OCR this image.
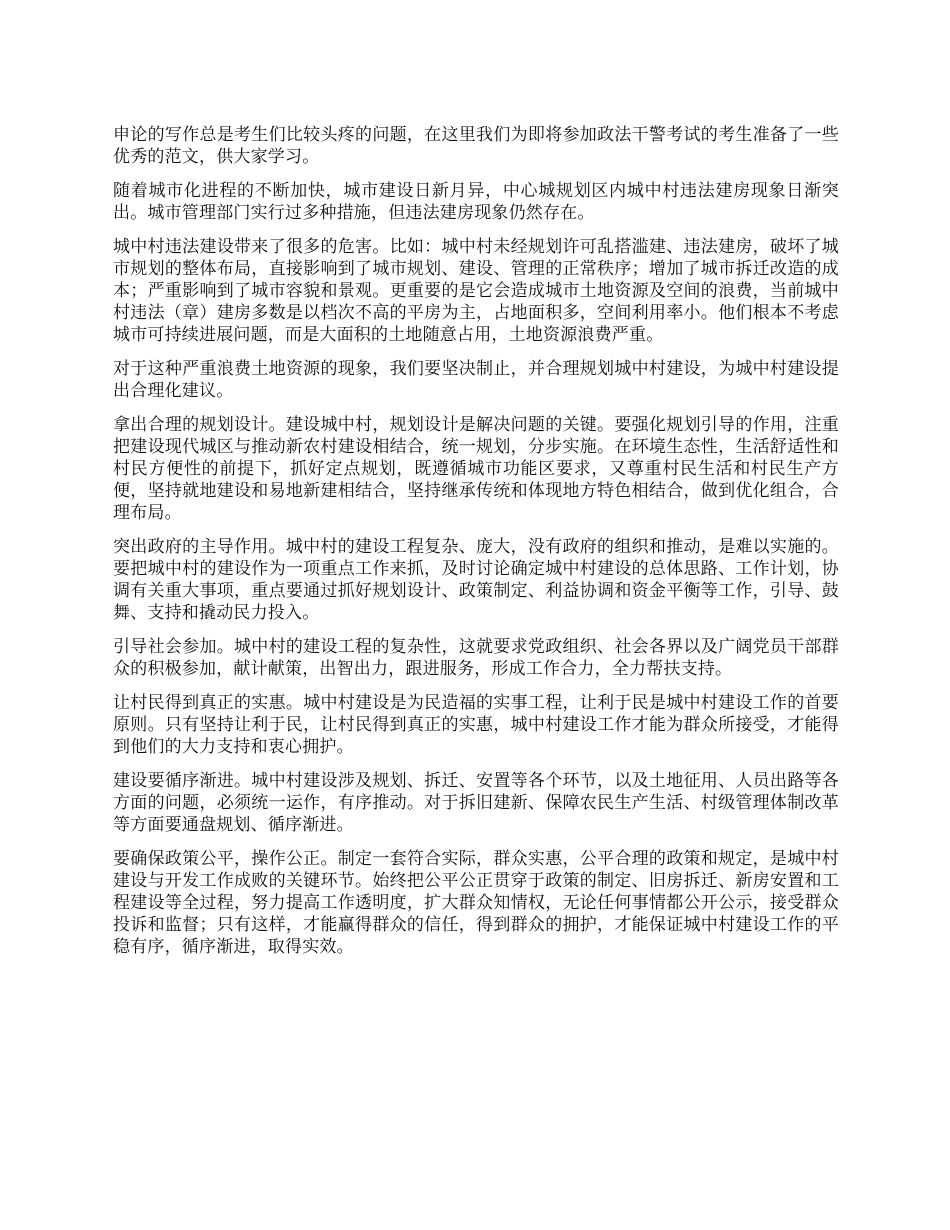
申论的写作总是考生们比较头疼的问题，在这里我们为即将参加政法干警考试的考生准备了一些优秀的范文，供大家学习。

随着城市化进程的不断加快，城市建设日新月异，中心城规划区内城中村违法建房现象日渐突出。城市管理部门实行过多种措施，但违法建房现象仍然存在。

城中村违法建设带来了很多的危害。比如：城中村未经规划许可乱搭滥建、违法建房，破坏了城市规划的整体布局，直接影响到了城市规划、建设、管理的正常秩序；增加了城市拆迁改造的成本；严重影响到了城市容貌和景观。更重要的是它会造成城市土地资源及空间的浪费，当前城中村违法（章）建房多数是以档次不高的平房为主，占地面积多，空间利用率小。他们根本不考虑城市可持续进展问题，而是大面积的土地随意占用，土地资源浪费严重。

对于这种严重浪费土地资源的现象，我们要坚决制止，并合理规划城中村建设，为城中村建设提出合理化建议。

拿出合理的规划设计。建设城中村，规划设计是解决问题的关键。要强化规划引导的作用，注重把建设现代城区与推动新农村建设相结合，统一规划，分步实施。在环境生态性，生活舒适性和村民方便性的前提下，抓好定点规划，既遵循城市功能区要求，又尊重村民生活和村民生产方便，坚持就地建设和易地新建相结合，坚持继承传统和体现地方特色相结合，做到优化组合，合理布局。

突出政府的主导作用。城中村的建设工程复杂、庞大，没有政府的组织和推动，是难以实施的。要把城中村的建设作为一项重点工作来抓，及时讨论确定城中村建设的总体思路、工作计划，协调有关重大事项，重点要通过抓好规划设计、政策制定、利益协调和资金平衡等工作，引导、鼓舞、支持和撬动民力投入。

引导社会参加。城中村的建设工程的复杂性，这就要求党政组织、社会各界以及广阔党员干部群众的积极参加，献计献策，出智出力，跟进服务，形成工作合力，全力帮扶支持。

让村民得到真正的实惠。城中村建设是为民造福的实事工程，让利于民是城中村建设工作的首要原则。只有坚持让利于民，让村民得到真正的实惠，城中村建设工作才能为群众所接受，才能得到他们的大力支持和衷心拥护。

建设要循序渐进。城中村建设涉及规划、拆迁、安置等各个环节，以及土地征用、人员出路等各方面的问题，必须统一运作，有序推动。对于拆旧建新、保障农民生产生活、村级管理体制改革等方面要通盘规划、循序渐进。

要确保政策公平，操作公正。制定一套符合实际，群众实惠，公平合理的政策和规定，是城中村建设与开发工作成败的关键环节。始终把公平公正贯穿于政策的制定、旧房拆迁、新房安置和工程建设等全过程，努力提高工作透明度，扩大群众知情权，无论任何事情都公开公示，接受群众投诉和监督；只有这样，才能赢得群众的信任，得到群众的拥护，才能保证城中村建设工作的平稳有序，循序渐进，取得实效。
